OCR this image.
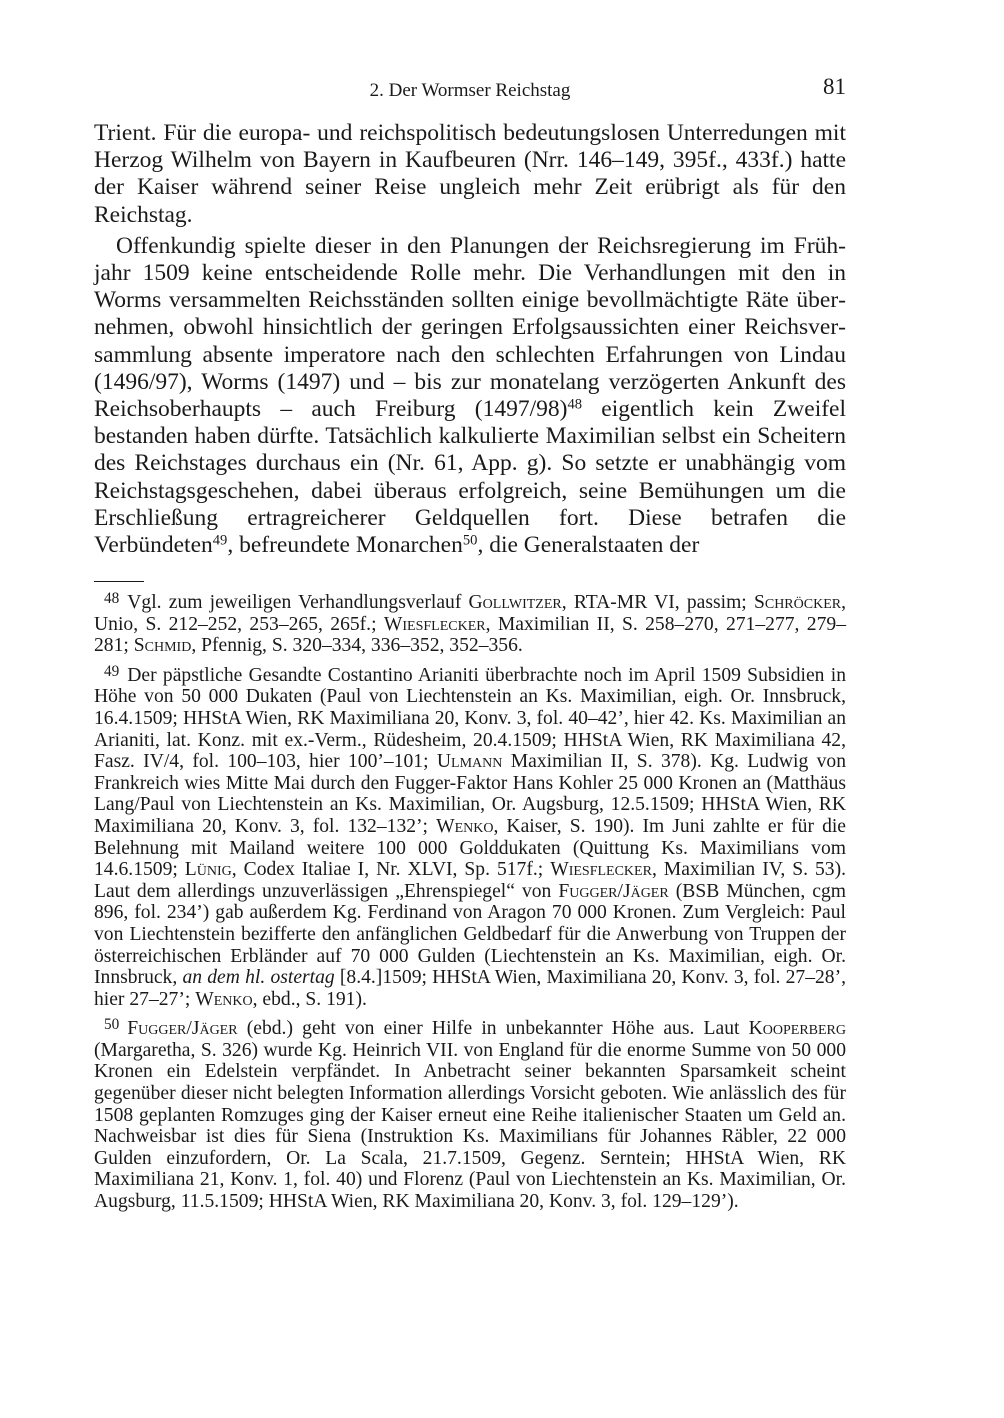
2. Der Wormser Reichstag	81

Trient. Für die europa- und reichspolitisch bedeutungslosen Unterredungen mit Herzog Wilhelm von Bayern in Kaufbeuren (Nrr. 146–149, 395f., 433f.) hatte der Kaiser während seiner Reise ungleich mehr Zeit erübrigt als für den Reichstag.

Offenkundig spielte dieser in den Planungen der Reichsregierung im Frühjahr 1509 keine entscheidende Rolle mehr. Die Verhandlungen mit den in Worms versammelten Reichsständen sollten einige bevollmächtigte Räte übernehmen, obwohl hinsichtlich der geringen Erfolgsaussichten einer Reichsversammlung absente imperatore nach den schlechten Erfahrungen von Lindau (1496/97), Worms (1497) und – bis zur monatelang verzögerten Ankunft des Reichsoberhaupts – auch Freiburg $(1497/98)^{48}$ eigentlich kein Zweifel bestanden haben dürfte. Tatsächlich kalkulierte Maximilian selbst ein Scheitern des Reichstages durchaus ein (Nr. 61, App. g). So setzte er unabhängig vom Reichstagsgeschehen, dabei überaus erfolgreich, seine Bemühungen um die Erschließung ertragreicherer Geldquellen fort. Diese betrafen die Verbündeten$^{49}$, befreundete Monarchen$^{50}$, die Generalstaaten der

$^{48}$ Vgl. zum jeweiligen Verhandlungsverlauf Gollwitzer, RTA-MR VI, passim; Schröcker, Unio, S. 212–252, 253–265, 265f.; Wiesflecker, Maximilian II, S. 258–270, 271–277, 279–281; Schmid, Pfennig, S. 320–334, 336–352, 352–356.

$^{49}$ Der päpstliche Gesandte Costantino Arianiti überbrachte noch im April 1509 Subsidien in Höhe von 50 000 Dukaten (Paul von Liechtenstein an Ks. Maximilian, eigh. Or. Innsbruck, 16.4.1509; HHStA Wien, RK Maximiliana 20, Konv. 3, fol. 40–42’, hier 42. Ks. Maximilian an Arianiti, lat. Konz. mit ex.-Verm., Rüdesheim, 20.4.1509; HHStA Wien, RK Maximiliana 42, Fasz. IV/4, fol. 100–103, hier 100’–101; Ulmann Maximilian II, S. 378). Kg. Ludwig von Frankreich wies Mitte Mai durch den Fugger-Faktor Hans Kohler 25 000 Kronen an (Matthäus Lang/Paul von Liechtenstein an Ks. Maximilian, Or. Augsburg, 12.5.1509; HHStA Wien, RK Maximiliana 20, Konv. 3, fol. 132–132’; Wenko, Kaiser, S. 190). Im Juni zahlte er für die Belehnung mit Mailand weitere 100 000 Golddukaten (Quittung Ks. Maximilians vom 14.6.1509; Lünig, Codex Italiae I, Nr. XLVI, Sp. 517f.; Wiesflecker, Maximilian IV, S. 53). Laut dem allerdings unzuverlässigen „Ehrenspiegel“ von Fugger/Jäger (BSB München, cgm 896, fol. 234’) gab außerdem Kg. Ferdinand von Aragon 70 000 Kronen. Zum Vergleich: Paul von Liechtenstein bezifferte den anfänglichen Geldbedarf für die Anwerbung von Truppen der österreichischen Erbländer auf 70 000 Gulden (Liechtenstein an Ks. Maximilian, eigh. Or. Innsbruck, an dem hl. ostertag [8.4.]1509; HHStA Wien, Maximiliana 20, Konv. 3, fol. 27–28’, hier 27–27’; Wenko, ebd., S. 191).

$^{50}$ Fugger/Jäger (ebd.) geht von einer Hilfe in unbekannter Höhe aus. Laut Kooperberg (Margaretha, S. 326) wurde Kg. Heinrich VII. von England für die enorme Summe von 50 000 Kronen ein Edelstein verpfändet. In Anbetracht seiner bekannten Sparsamkeit scheint gegenüber dieser nicht belegten Information allerdings Vorsicht geboten. Wie anlässlich des für 1508 geplanten Romzuges ging der Kaiser erneut eine Reihe italienischer Staaten um Geld an. Nachweisbar ist dies für Siena (Instruktion Ks. Maximilians für Johannes Räbler, 22 000 Gulden einzufordern, Or. La Scala, 21.7.1509, Gegenz. Serntein; HHStA Wien, RK Maximiliana 21, Konv. 1, fol. 40) und Florenz (Paul von Liechtenstein an Ks. Maximilian, Or. Augsburg, 11.5.1509; HHStA Wien, RK Maximiliana 20, Konv. 3, fol. 129–129’).
